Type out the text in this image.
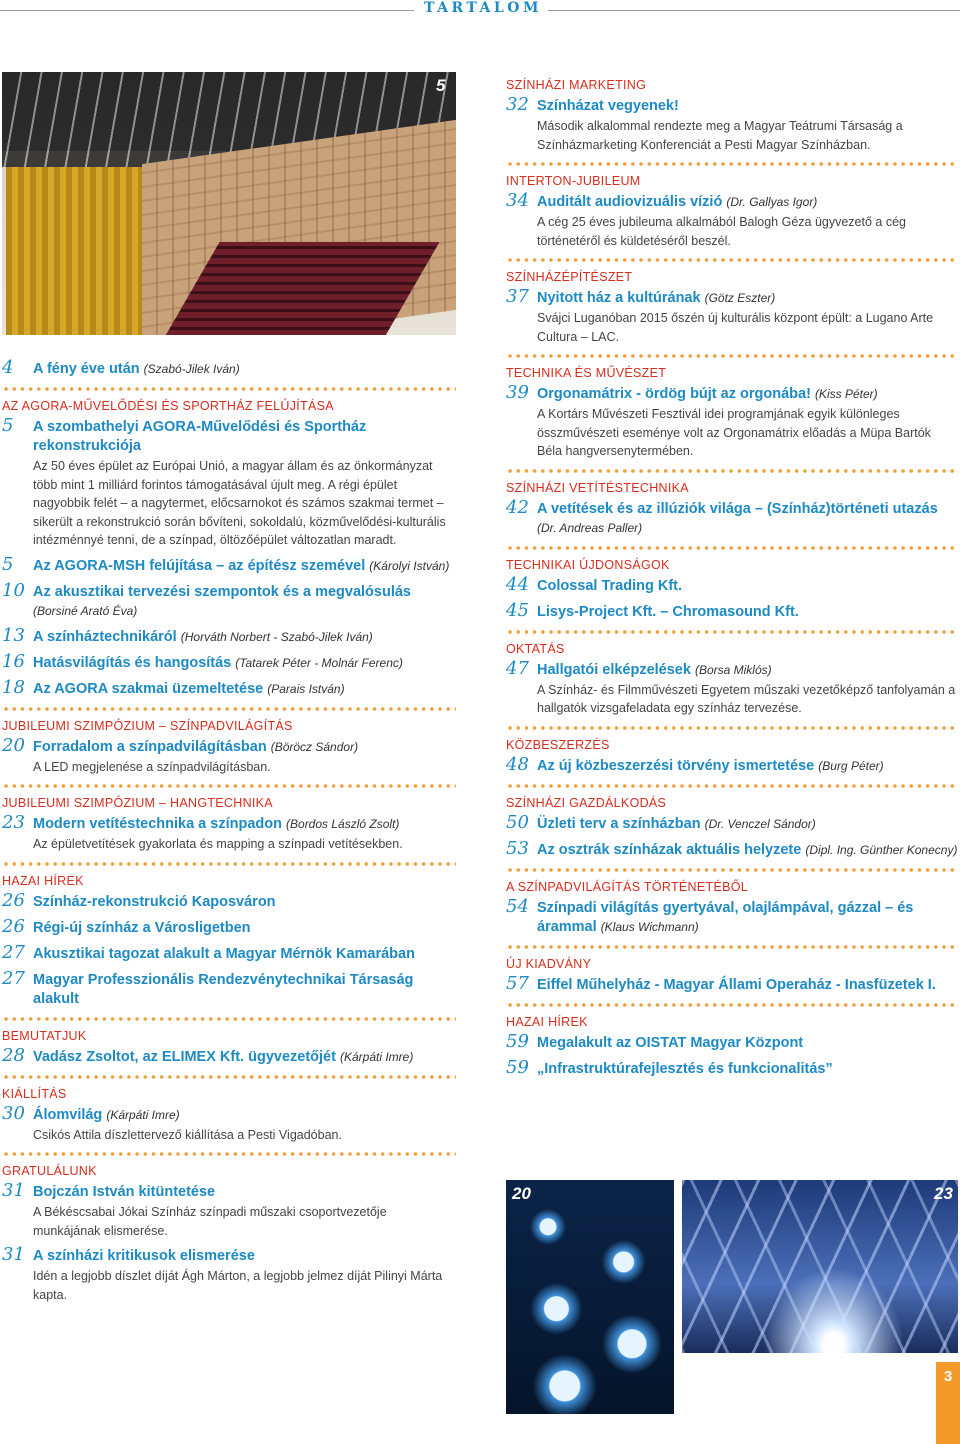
TARTALOM
5
20	23
4 A fény éve után (Szabó-Jilek Iván)
AZ AGORA-MŰVELŐDÉSI ÉS SPORTHÁZ FELÚJÍTÁSA
5 A szombathelyi AGORA-Művelődési és Sportház rekonstrukciója
Az 50 éves épület az Európai Unió, a magyar állam és az önkormányzat több mint 1 milliárd forintos támogatásával újult meg. A régi épület nagyobbik felét – a nagytermet, előcsarnokot és számos szakmai termet – sikerült a rekonstrukció során bővíteni, sokoldalú, közművelődési-kulturális intézménnyé tenni, de a színpad, öltözőépület változatlan maradt.
5 Az AGORA-MSH felújítása – az építész szemével (Károlyi István)
10 Az akusztikai tervezési szempontok és a megvalósulás (Borsiné Arató Éva)
13 A színháztechnikáról (Horváth Norbert - Szabó-Jilek Iván)
16 Hatásvilágítás és hangosítás (Tatarek Péter - Molnár Ferenc)
18 Az AGORA szakmai üzemeltetése (Parais István)
JUBILEUMI SZIMPÓZIUM – SZÍNPADVILÁGÍTÁS
20 Forradalom a színpadvilágításban (Böröcz Sándor)
A LED megjelenése a színpadvilágításban.
JUBILEUMI SZIMPÓZIUM – HANGTECHNIKA
23 Modern vetítéstechnika a színpadon (Bordos László Zsolt)
Az épületvetítések gyakorlata és mapping a színpadi vetítésekben.
HAZAI HÍREK
26 Színház-rekonstrukció Kaposváron
26 Régi-új színház a Városligetben
27 Akusztikai tagozat alakult a Magyar Mérnök Kamarában
27 Magyar Professzionális Rendezvénytechnikai Társaság alakult
BEMUTATJUK
28 Vadász Zsoltot, az ELIMEX Kft. ügyvezetőjét (Kárpáti Imre)
KIÁLLÍTÁS
30 Álomvilág (Kárpáti Imre)
Csikós Attila díszlettervező kiállítása a Pesti Vigadóban.
GRATULÁLUNK
31 Bojczán István kitüntetése
A Békéscsabai Jókai Színház színpadi műszaki csoportvezetője munkájának elismerése.
31 A színházi kritikusok elismerése
Idén a legjobb díszlet díját Ágh Márton, a legjobb jelmez díját Pilinyi Márta kapta.
SZÍNHÁZI MARKETING
32 Színházat vegyenek!
Második alkalommal rendezte meg a Magyar Teátrumi Társaság a Színházmarketing Konferenciát a Pesti Magyar Színházban.
INTERTON-JUBILEUM
34 Auditált audiovizuális vízió (Dr. Gallyas Igor)
A cég 25 éves jubileuma alkalmából Balogh Géza ügyvezető a cég történetéről és küldetéséről beszél.
SZÍNHÁZÉPÍTÉSZET
37 Nyitott ház a kultúrának (Götz Eszter)
Svájci Luganóban 2015 őszén új kulturális központ épült: a Lugano Arte Cultura – LAC.
TECHNIKA ÉS MŰVÉSZET
39 Orgonamátrix - ördög bújt az orgonába! (Kiss Péter)
A Kortárs Művészeti Fesztivál idei programjának egyik különleges összművészeti eseménye volt az Orgonamátrix előadás a Müpa Bartók Béla hangversenytermében.
SZÍNHÁZI VETÍTÉSTECHNIKA
42 A vetítések és az illúziók világa – (Színház)történeti utazás
(Dr. Andreas Paller)
TECHNIKAI ÚJDONSÁGOK
44 Colossal Trading Kft.
45 Lisys-Project Kft. – Chromasound Kft.
OKTATÁS
47 Hallgatói elképzelések (Borsa Miklós)
A Színház- és Filmművészeti Egyetem műszaki vezetőképző tanfolyamán a hallgatók vizsgafeladata egy színház tervezése.
KÖZBESZERZÉS
48 Az új közbeszerzési törvény ismertetése (Burg Péter)
SZÍNHÁZI GAZDÁLKODÁS
50 Üzleti terv a színházban (Dr. Venczel Sándor)
53 Az osztrák színházak aktuális helyzete (Dipl. Ing. Günther Konecny)
A SZÍNPADVILÁGÍTÁS TÖRTÉNETÉBŐL
54 Színpadi világítás gyertyával, olajlámpával, gázzal – és árammal (Klaus Wichmann)
ÚJ KIADVÁNY
57 Eiffel Műhelyház - Magyar Állami Operaház - Inasfüzetek I.
HAZAI HÍREK
59 Megalakult az OISTAT Magyar Központ
59 „Infrastruktúrafejlesztés és funkcionalitás”
3
